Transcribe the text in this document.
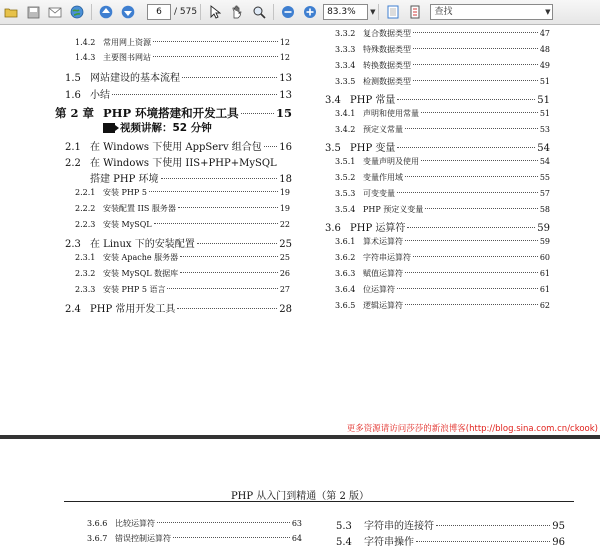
6	/ 575	83.3%	▼	查找	▼
1.4.2 常用网上资源	12
1.4.3 主要图书网站	12
1.5 网站建设的基本流程	13
1.6 小结	13
第 2 章 PHP 环境搭建和开发工具	15
2.1 在 Windows 下使用 AppServ 组合包 16
2.2 在 Windows 下使用 IIS+PHP+MySQL
搭建 PHP 环境	18
2.2.1 安装 PHP 5	19
2.2.2 安装配置 IIS 服务器	19
2.2.3 安装 MySQL	22
2.3 在 Linux 下的安装配置	25
2.3.1 安装 Apache 服务器	25
2.3.2 安装 MySQL 数据库	26
2.3.3 安装 PHP 5 语言	27
2.4 PHP 常用开发工具	28
视频讲解：52 分钟
3.3.2 复合数据类型	47
3.3.3 特殊数据类型	48
3.3.4 转换数据类型	49
3.3.5 检测数据类型	51
3.4 PHP 常量	51
3.4.1 声明和使用常量	51
3.4.2 预定义常量	53
3.5 PHP 变量	54
3.5.1 变量声明及使用	54
3.5.2 变量作用域	55
3.5.3 可变变量	57
3.5.4 PHP 预定义变量	58
3.6 PHP 运算符	59
3.6.1 算术运算符	59
3.6.2 字符串运算符	60
3.6.3 赋值运算符	61
3.6.4 位运算符	61
3.6.5 逻辑运算符	62
更多资源请访问莎莎的新浪博客(http://blog.sina.com.cn/ckook)
PHP 从入门到精通（第 2 版）
3.6.6 比较运算符	63
3.6.7 错误控制运算符	64
5.3	字符串的连接符	95
5.4	字符串操作	96
